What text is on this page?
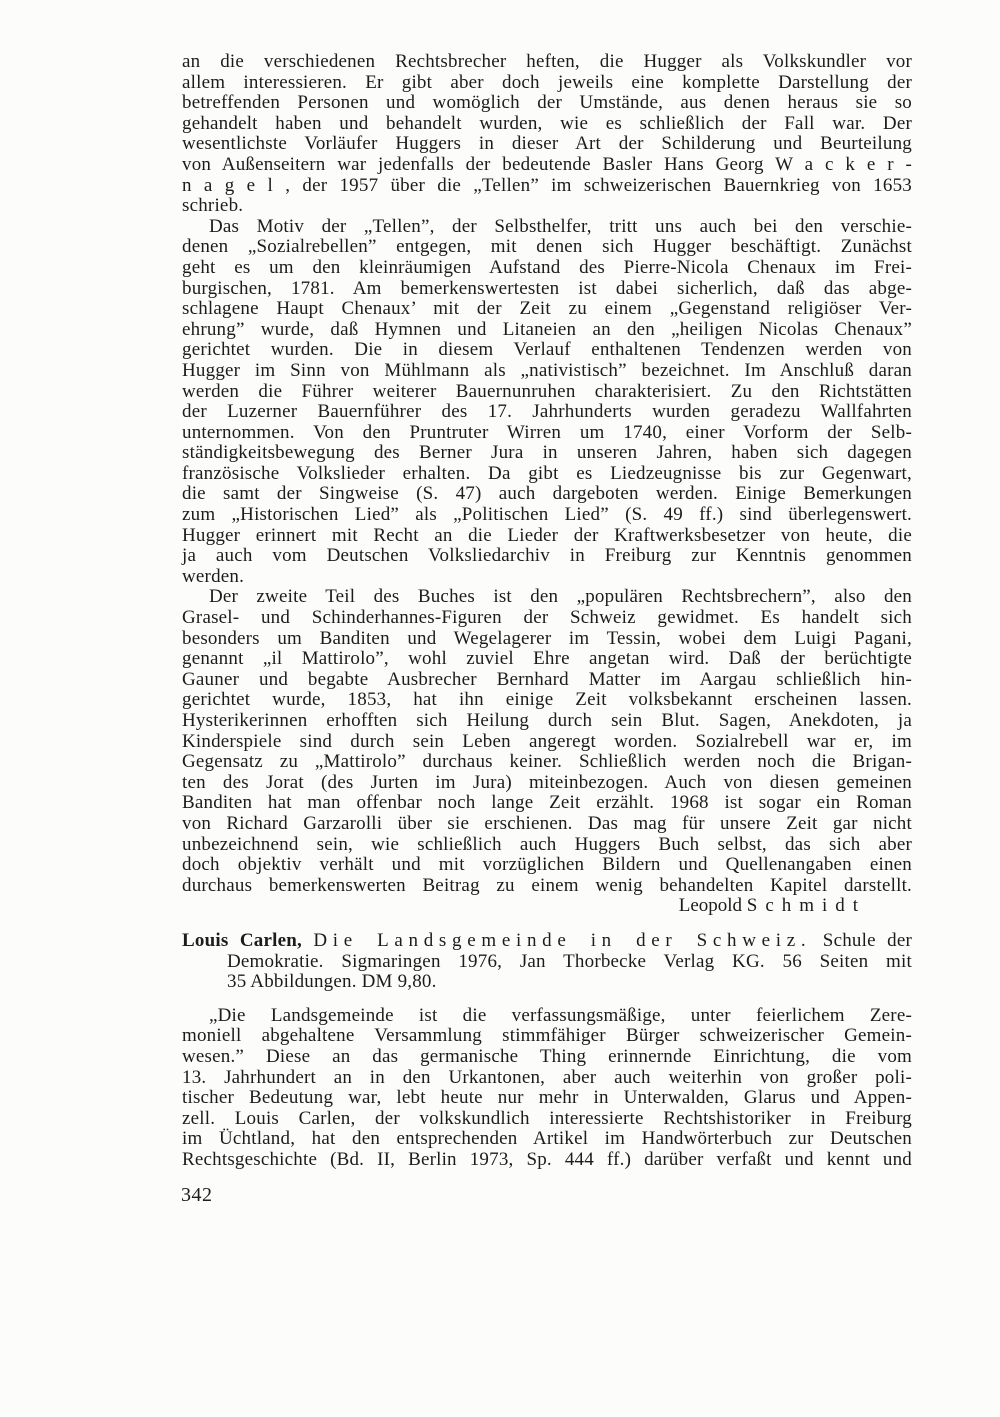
an die verschiedenen Rechtsbrecher heften, die Hugger als Volkskundler vor
allem interessieren. Er gibt aber doch jeweils eine komplette Darstellung der
betreffenden Personen und womöglich der Umstände, aus denen heraus sie so
gehandelt haben und behandelt wurden, wie es schließlich der Fall war. Der
wesentlichste Vorläufer Huggers in dieser Art der Schilderung und Beurteilung
von Außenseitern war jedenfalls der bedeutende Basler Hans Georg W a c k e r -
n a g e l , der 1957 über die „Tellen” im schweizerischen Bauernkrieg von 1653
schrieb.
Das Motiv der „Tellen”, der Selbsthelfer, tritt uns auch bei den verschie-
denen „Sozialrebellen” entgegen, mit denen sich Hugger beschäftigt. Zunächst
geht es um den kleinräumigen Aufstand des Pierre-Nicola Chenaux im Frei-
burgischen, 1781. Am bemerkenswertesten ist dabei sicherlich, daß das abge-
schlagene Haupt Chenaux’ mit der Zeit zu einem „Gegenstand religiöser Ver-
ehrung” wurde, daß Hymnen und Litaneien an den „heiligen Nicolas Chenaux”
gerichtet wurden. Die in diesem Verlauf enthaltenen Tendenzen werden von
Hugger im Sinn von Mühlmann als „nativistisch” bezeichnet. Im Anschluß daran
werden die Führer weiterer Bauernunruhen charakterisiert. Zu den Richtstätten
der Luzerner Bauernführer des 17. Jahrhunderts wurden geradezu Wallfahrten
unternommen. Von den Pruntruter Wirren um 1740, einer Vorform der Selb-
ständigkeitsbewegung des Berner Jura in unseren Jahren, haben sich dagegen
französische Volkslieder erhalten. Da gibt es Liedzeugnisse bis zur Gegenwart,
die samt der Singweise (S. 47) auch dargeboten werden. Einige Bemerkungen
zum „Historischen Lied” als „Politischen Lied” (S. 49 ff.) sind überlegenswert.
Hugger erinnert mit Recht an die Lieder der Kraftwerksbesetzer von heute, die
ja auch vom Deutschen Volksliedarchiv in Freiburg zur Kenntnis genommen
werden.
Der zweite Teil des Buches ist den „populären Rechtsbrechern”, also den
Grasel- und Schinderhannes-Figuren der Schweiz gewidmet. Es handelt sich
besonders um Banditen und Wegelagerer im Tessin, wobei dem Luigi Pagani,
genannt „il Mattirolo”, wohl zuviel Ehre angetan wird. Daß der berüchtigte
Gauner und begabte Ausbrecher Bernhard Matter im Aargau schließlich hin-
gerichtet wurde, 1853, hat ihn einige Zeit volksbekannt erscheinen lassen.
Hysterikerinnen erhofften sich Heilung durch sein Blut. Sagen, Anekdoten, ja
Kinderspiele sind durch sein Leben angeregt worden. Sozialrebell war er, im
Gegensatz zu „Mattirolo” durchaus keiner. Schließlich werden noch die Brigan-
ten des Jorat (des Jurten im Jura) miteinbezogen. Auch von diesen gemeinen
Banditen hat man offenbar noch lange Zeit erzählt. 1968 ist sogar ein Roman
von Richard Garzarolli über sie erschienen. Das mag für unsere Zeit gar nicht
unbezeichnend sein, wie schließlich auch Huggers Buch selbst, das sich aber
doch objektiv verhält und mit vorzüglichen Bildern und Quellenangaben einen
durchaus bemerkenswerten Beitrag zu einem wenig behandelten Kapitel darstellt.
Leopold Schmidt
Louis Carlen, Die Landsgemeinde in der Schweiz. Schule der
Demokratie. Sigmaringen 1976, Jan Thorbecke Verlag KG. 56 Seiten mit
35 Abbildungen. DM 9,80.
„Die Landsgemeinde ist die verfassungsmäßige, unter feierlichem Zere-
moniell abgehaltene Versammlung stimmfähiger Bürger schweizerischer Gemein-
wesen.” Diese an das germanische Thing erinnernde Einrichtung, die vom
13. Jahrhundert an in den Urkantonen, aber auch weiterhin von großer poli-
tischer Bedeutung war, lebt heute nur mehr in Unterwalden, Glarus und Appen-
zell. Louis Carlen, der volkskundlich interessierte Rechtshistoriker in Freiburg
im Üchtland, hat den entsprechenden Artikel im Handwörterbuch zur Deutschen
Rechtsgeschichte (Bd. II, Berlin 1973, Sp. 444 ff.) darüber verfaßt und kennt und
342
